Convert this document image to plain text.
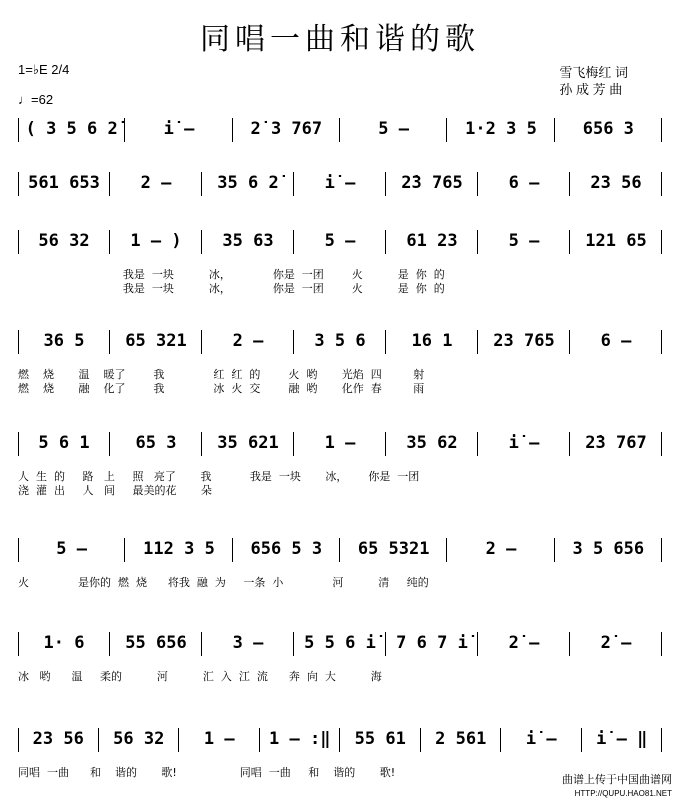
同唱一曲和谐的歌
1=♭E 2/4
♩=62
雪飞梅红 词
孙 成 芳 曲
( 3 5 6 2̇	i̇ –	2̇ 3 767	5 –	1·2 3 5	656 3
561 653	2 –	35 6 2̇	i̇ –	2̇3 765	6 –	23 56
56 32	1 – )	35 63	5 –	61 23	5 –	121 65
我是  一块          冰，            你是  一团        火          是  你  的
我是  一块          冰，            你是  一团        火          是  你  的
36 5	65 321	2 –	3 5 6	16 1	23 765	6 –
燃    烧       温    暖了        我              红  红  的        火  哟       光焰  四         射
燃    烧       融    化了        我              冰  火  交        融  哟       化作  春         雨
5 6 1	65 3	35 621	1 –	35 62	i̇ –	2̇3 767
人  生  的     路   上     照   亮了       我           我是  一块       冰，      你是  一团
浇  灌  出     人   间     最美的花       朵
5 –	112 3 5	656 5 3	65 5321	2 –	3 5 656
火              是你的  燃  烧      将我  融  为     一条  小              河          清     纯的
1· 6	55 656	3 –	5 5 6 i̇	7 6 7 i̇	2̇ –	2̇ –
冰   哟      温     柔的          河          汇  入  江  流      奔  向  大          海
23 56	56 32	1 –	1 – :‖	55 61	2 561	i̇ –	i̇ – ‖
同唱  一曲      和    谐的       歌!                  同唱  一曲     和    谐的       歌!
曲谱上传于中国曲谱网
HTTP://QUPU.HAO81.NET
